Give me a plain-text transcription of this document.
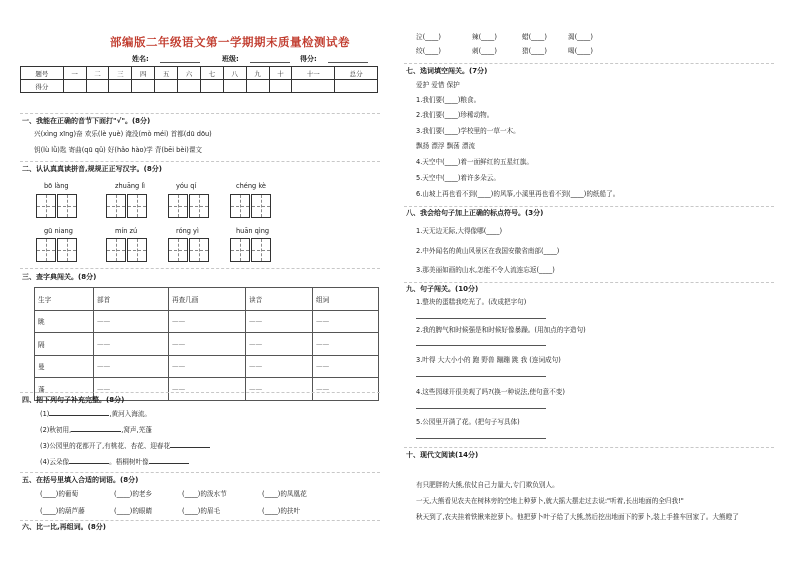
部编版二年级语文第一学期期末质量检测试卷
姓名:	班级:	得分:
题号	一	二	三	四	五	六	七	八	九	十	十一	总分
得分												
一、我能在正确的音节下面打"√"。(8分)
兴(xìng xīng)奋 欢乐(lè yuè) 淹没(mò méi) 首都(dū dōu)
钥(lù lǜ)匙 寄曲(qū qǔ) 好(hǎo hào)学 背(bēi bèi)课文
二、认认真真读拼音,规规正正写汉字。(8分)
bō làng	zhuāng lì	yóu qí	chéng kè
gū niang	mín zú	róng yì	huān qìng
三、查字典闯关。(8分)
生字	部首	再查几画	读音	组词
眺	——	——	——	——
隔	——	——	——	——
曼	——	——	——	——
蓬	——	——	——	——
四、把下列句子补充完整。(8分)
(1)	,黄河入海流。
(2)秋初用,	,窝声,芜蓬
(3)公园里的花都开了,有桃花、杏花、迎春花
(4)云朵像	。梧桐树叶像
五、在括号里填入合适的词语。(8分)
(____)的葡萄	(____)的老乡	(____)的泼水节	(____)的凤凰花
(____)的葫芦藤	(____)的眼睛	(____)的眉毛	(____)的扶叶
六、比一比,再组词。(8分)
泣(____)	辣(____)	蜡(____)	渴(____)
绞(____)	刺(____)	猎(____)	喝(____)
七、选词填空闯关。(7分)
爱护 爱惜 保护
1.我们要(____)粮食。
2.我们要(____)珍稀动物。
3.我们要(____)学校里的一草一木。
飘扬 漂浮 飘荡 漂流
4.天空中(____)着一面鲜红的五星红旗。
5.天空中(____)着许多朵云。
6.山坡上再也看不到(____)的风筝,小溪里再也看不到(____)的纸船了。
八、我会给句子加上正确的标点符号。(3分)
1.天无边无际,大得像哪(____)
2.中外闻名的黄山风景区在我国安徽省南部(____)
3.那美丽如画的山水,怎能不令人流连忘返(____)
九、句子闯关。(10分)
1.整块的蛋糕我吃光了。(改成把字句)
2.我的脾气和时候强是和时候好像暴躁。(用加点的字造句)
3.叶得 大大小小的 跑 野兽 蹦蹦 跳 我 (连词成句)
4.这些园球开很美观了吗?(换一种说法,使句意不变)
5.公园里开满了花。(把句子写具体)
十、现代文阅读(14分)
有只肥胖的大熊,依仗自己力量大,专门欺负别人。
一天,大熊看见农夫在树林旁的空地上种萝卜,就大摇大摆走过去说:"听着,长出地面的全归我!"
秋天到了,农夫挂着铁锹来挖萝卜。他把萝卜叶子给了大熊,然后挖出地面下的萝卜,装上手推车回家了。大熊瞪了
